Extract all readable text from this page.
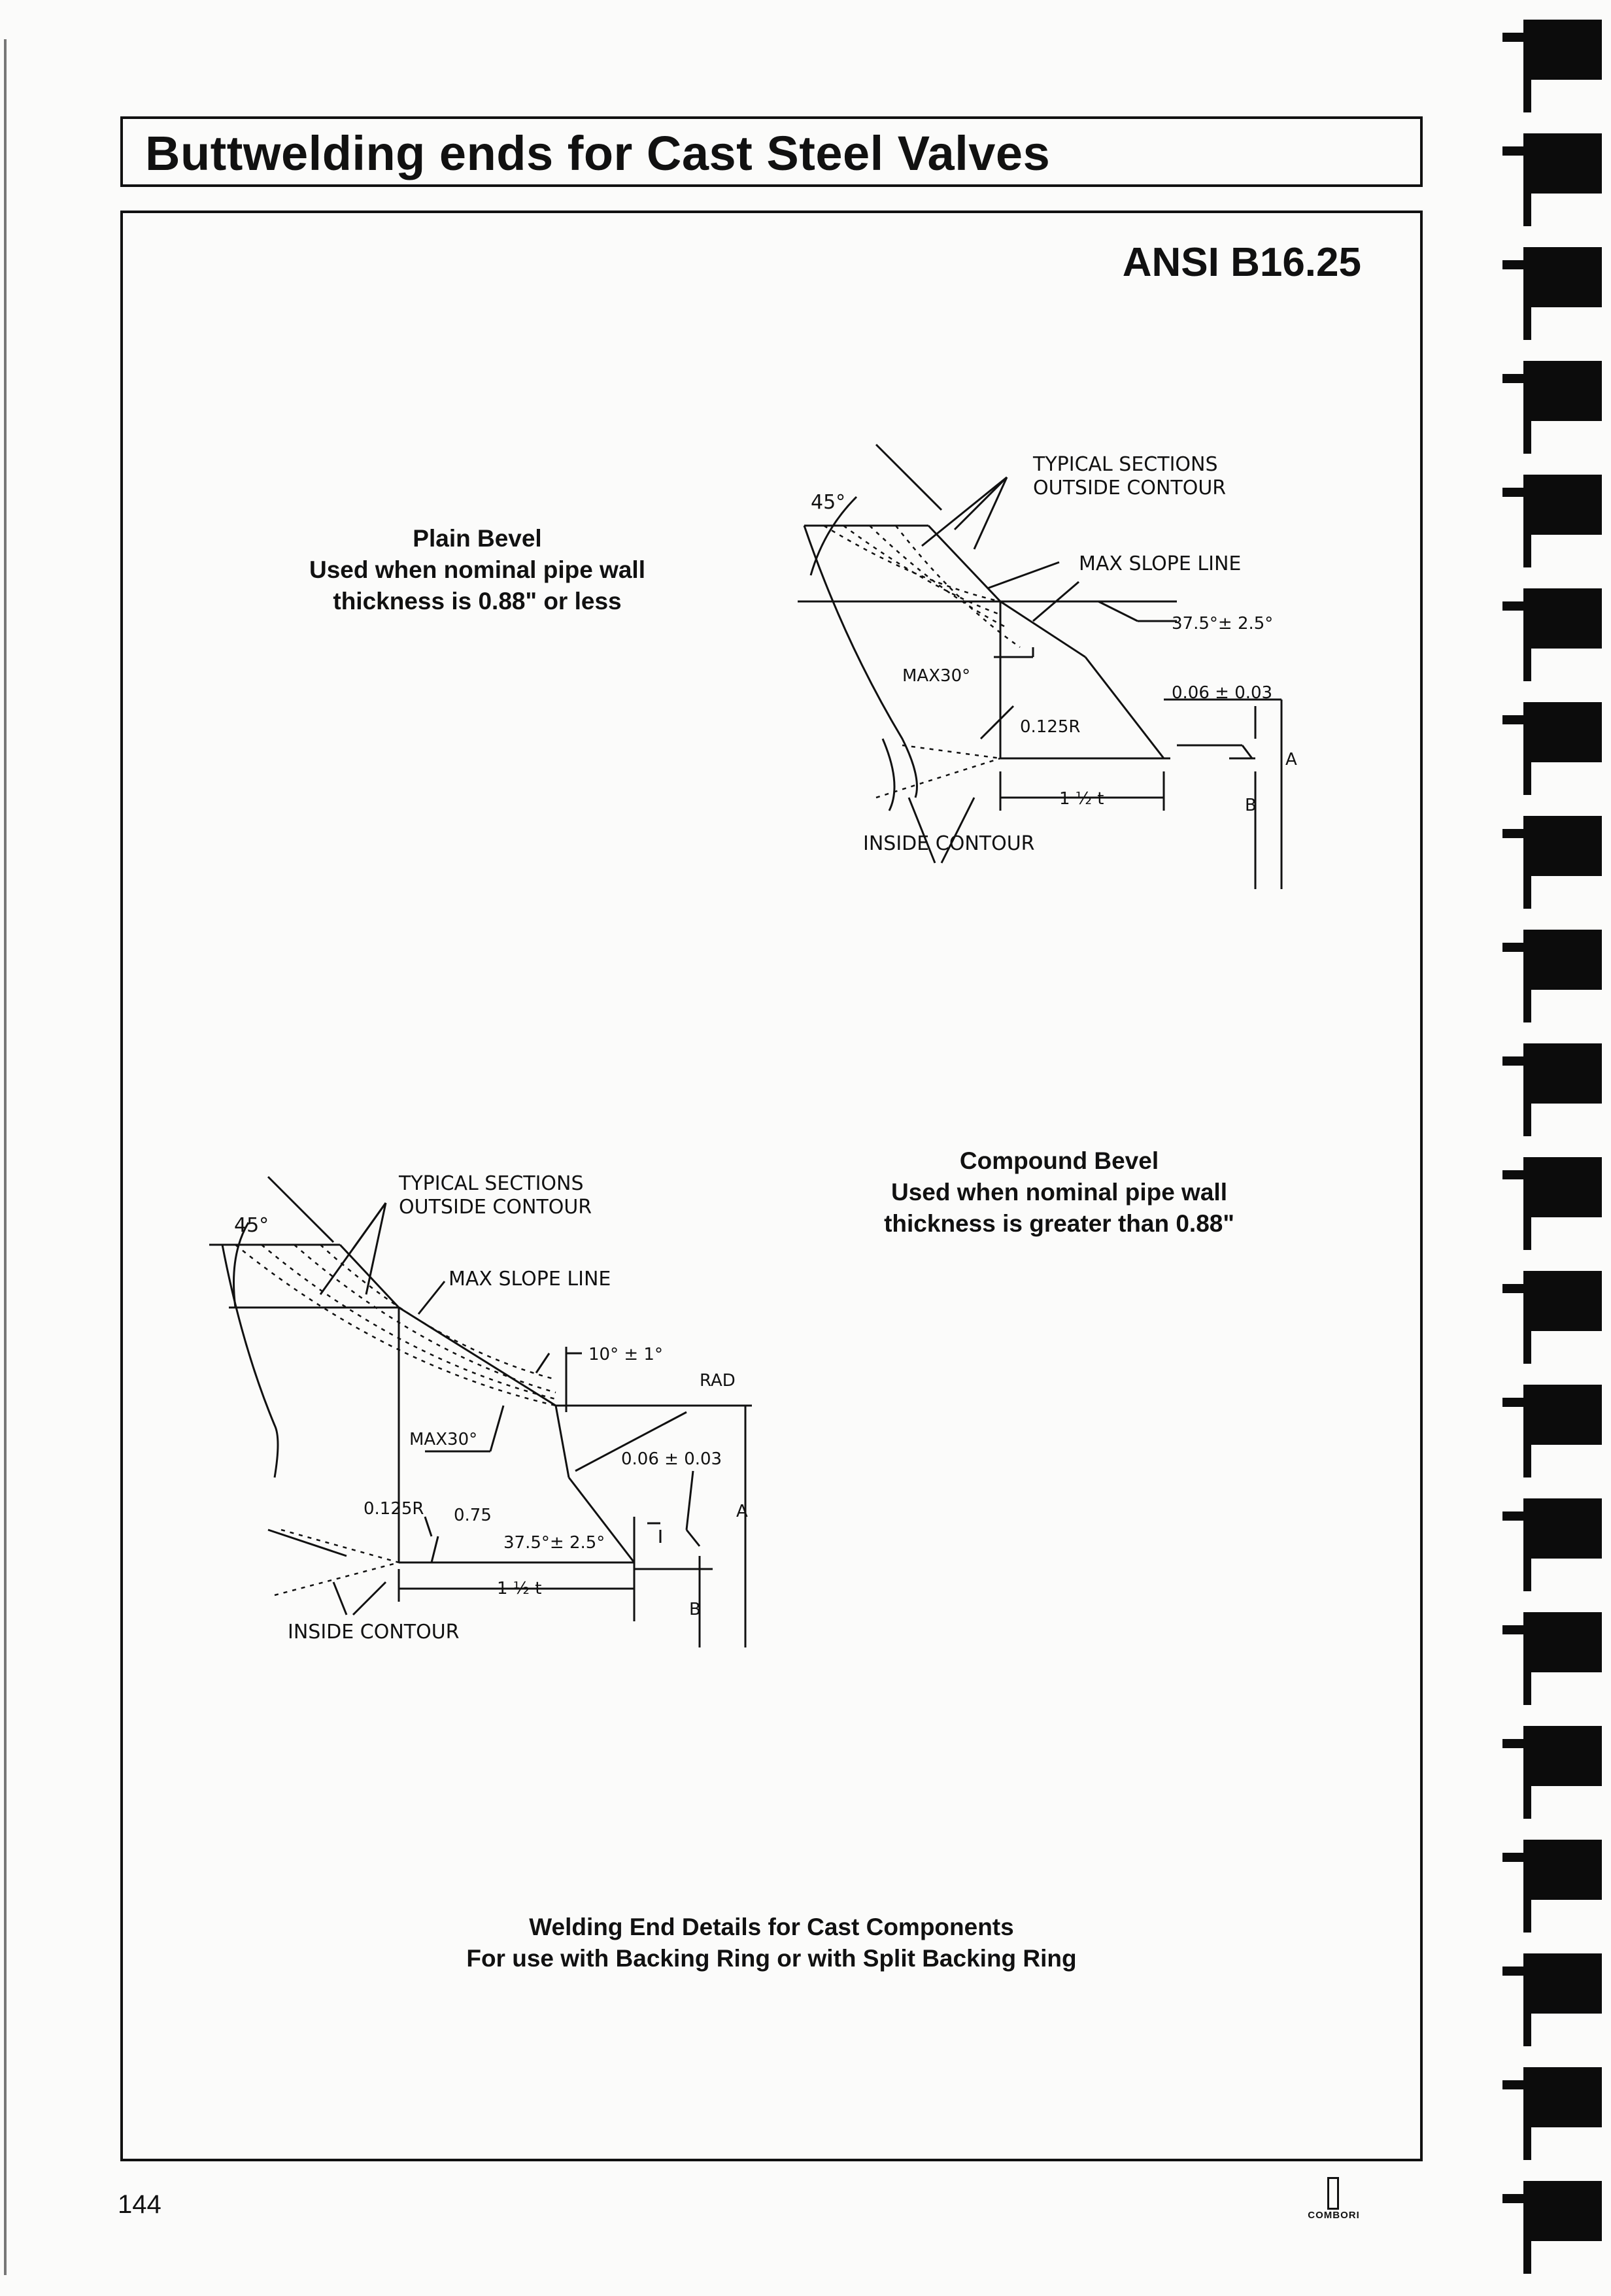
Buttwelding ends for Cast Steel Valves
ANSI B16.25
Plain Bevel
Used when nominal pipe wall
thickness is 0.88" or less
Compound Bevel
Used when nominal pipe wall
thickness is greater than 0.88"
Welding End Details for Cast Components
For use with Backing Ring or with Split Backing Ring
TYPICAL SECTIONS
OUTSIDE CONTOUR
45°
MAX SLOPE LINE
37.5°± 2.5°
MAX30°
0.06 ± 0.03
0.125R
1 ½ t
INSIDE CONTOUR
A
B
TYPICAL SECTIONS
OUTSIDE CONTOUR
45°
MAX SLOPE LINE
10° ± 1°
RAD
MAX30°
0.06 ± 0.03
0.125R 0.75
37.5°± 2.5°
1 ½ t
INSIDE CONTOUR
A
B
144	COMBORI
